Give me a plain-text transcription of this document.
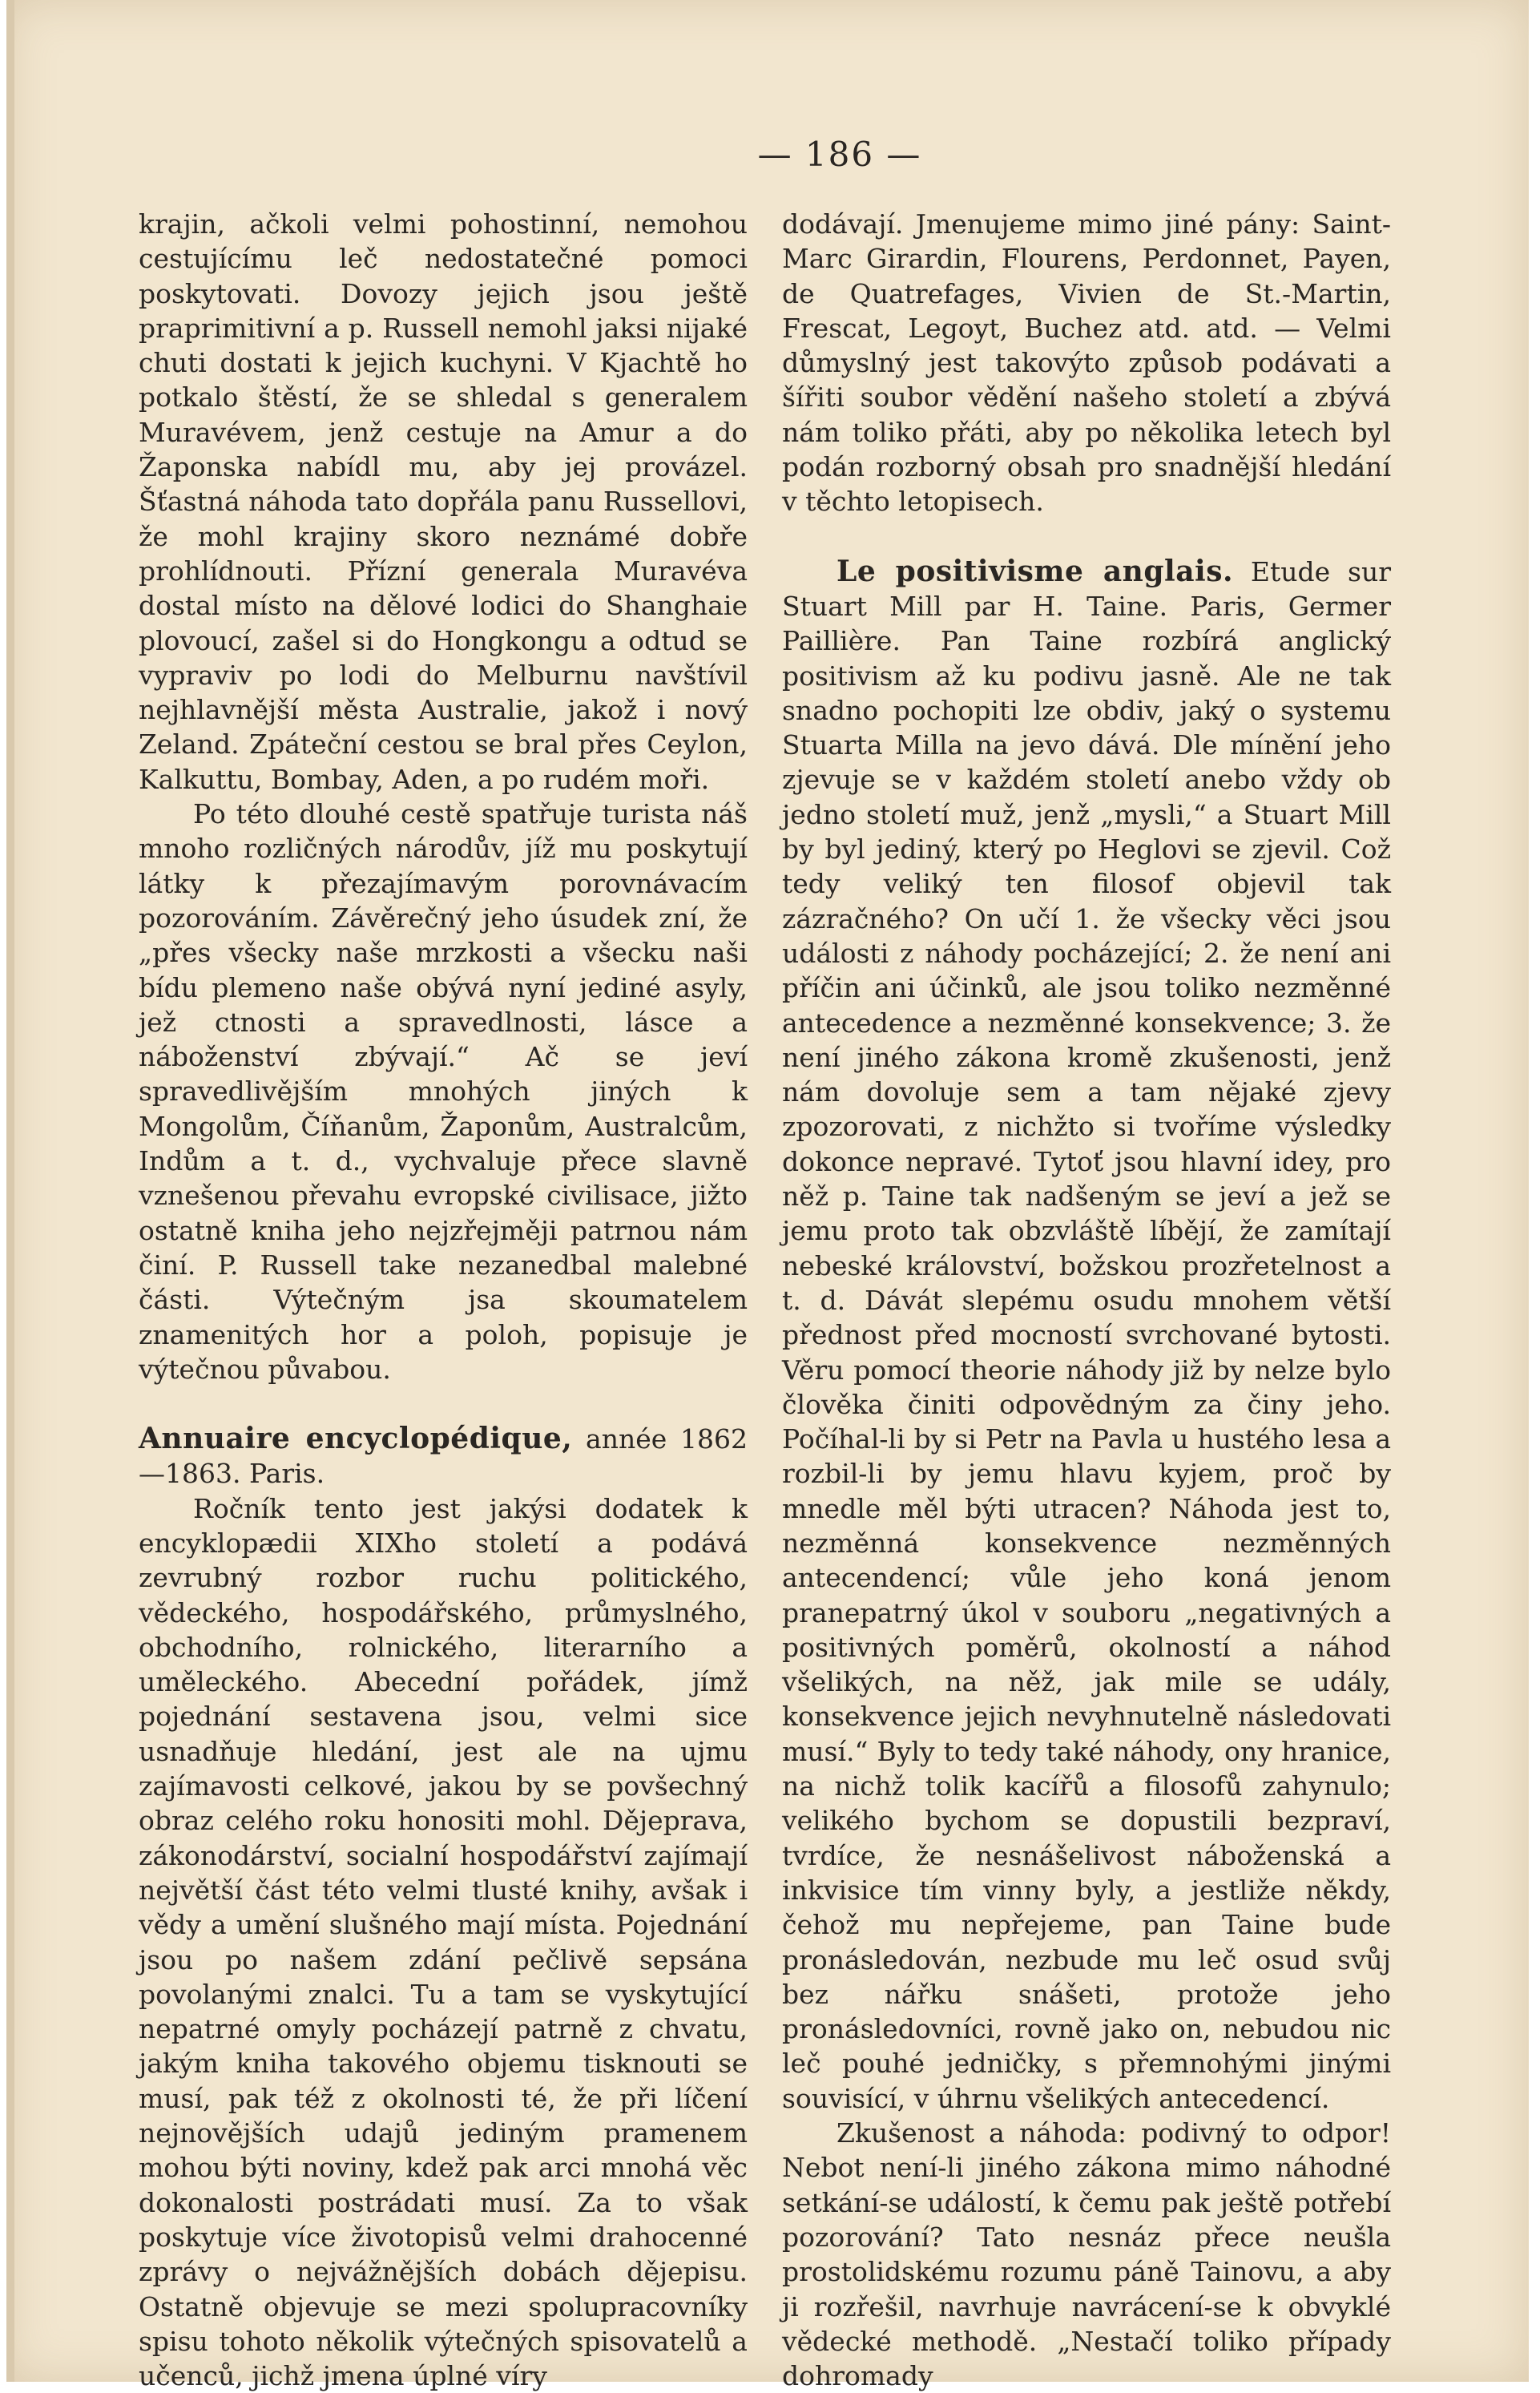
— 186 —

krajin, ačkoli velmi pohostinní, nemohou cestujícímu leč nedostatečné pomoci poskytovati. Dovozy jejich jsou ještě praprimitivní a p. Russell nemohl jaksi nijaké chuti dostati k jejich kuchyni. V Kjachtě ho potkalo štěstí, že se shledal s generalem Muravévem, jenž cestuje na Amur a do Žaponska nabídl mu, aby jej provázel. Šťastná náhoda tato dopřála panu Russellovi, že mohl krajiny skoro neznámé dobře prohlídnouti. Přízní generala Muravéva dostal místo na dělové lodici do Shanghaie plovoucí, zašel si do Hongkongu a odtud se vypraviv po lodi do Melburnu navštívil nejhlavnější města Australie, jakož i nový Zeland. Zpáteční cestou se bral přes Ceylon, Kalkuttu, Bombay, Aden, a po rudém moři.

Po této dlouhé cestě spatřuje turista náš mnoho rozličných národův, jíž mu poskytují látky k přezajímavým porovnávacím pozorováním. Závěrečný jeho úsudek zní, že „přes všecky naše mrzkosti a všecku naši bídu plemeno naše obývá nyní jediné asyly, jež ctnosti a spravedlnosti, lásce a náboženství zbývají.“ Ač se jeví spravedlivějším mnohých jiných k Mongolům, Číňanům, Žaponům, Australcům, Indům a t. d., vychvaluje přece slavně vznešenou převahu evropské civilisace, jižto ostatně kniha jeho nejzřejměji patrnou nám činí. P. Russell take nezanedbal malebné části. Výtečným jsa skoumatelem znamenitých hor a poloh, popisuje je výtečnou půvabou.

Annuaire encyclopédique, année 1862—1863. Paris.

Ročník tento jest jakýsi dodatek k encyklopædii XIXho století a podává zevrubný rozbor ruchu politického, vědeckého, hospodářského, průmyslného, obchodního, rolnického, literarního a uměleckého. Abecední pořádek, jímž pojednání sestavena jsou, velmi sice usnadňuje hledání, jest ale na ujmu zajímavosti celkové, jakou by se povšechný obraz celého roku honositi mohl. Dějeprava, zákonodárství, socialní hospodářství zajímají největší část této velmi tlusté knihy, avšak i vědy a umění slušného mají místa. Pojednání jsou po našem zdání pečlivě sepsána povolanými znalci. Tu a tam se vyskytující nepatrné omyly pocházejí patrně z chvatu, jakým kniha takového objemu tisknouti se musí, pak též z okolnosti té, že při líčení nejnovějších udajů jediným pramenem mohou býti noviny, kdež pak arci mnohá věc dokonalosti postrádati musí. Za to však poskytuje více životopisů velmi drahocenné zprávy o nejvážnějších dobách dějepisu. Ostatně objevuje se mezi spolupracovníky spisu tohoto několik výtečných spisovatelů a učenců, jichž jmena úplné víry

dodávají. Jmenujeme mimo jiné pány: Saint-Marc Girardin, Flourens, Perdonnet, Payen, de Quatrefages, Vivien de St.-Martin, Frescat, Legoyt, Buchez atd. atd. — Velmi důmyslný jest takovýto způsob podávati a šířiti soubor vědění našeho století a zbývá nám toliko přáti, aby po několika letech byl podán rozborný obsah pro snadnější hledání v těchto letopisech.

Le positivisme anglais. Etude sur Stuart Mill par H. Taine. Paris, Germer Paillière. Pan Taine rozbírá anglický positivism až ku podivu jasně. Ale ne tak snadno pochopiti lze obdiv, jaký o systemu Stuarta Milla na jevo dává. Dle mínění jeho zjevuje se v každém století anebo vždy ob jedno století muž, jenž „mysli,“ a Stuart Mill by byl jediný, který po Heglovi se zjevil. Což tedy veliký ten filosof objevil tak zázračného? On učí 1. že všecky věci jsou události z náhody pocházející; 2. že není ani příčin ani účinků, ale jsou toliko nezměnné antecedence a nezměnné konsekvence; 3. že není jiného zákona kromě zkušenosti, jenž nám dovoluje sem a tam nějaké zjevy zpozorovati, z nichžto si tvoříme výsledky dokonce nepravé. Tytoť jsou hlavní idey, pro něž p. Taine tak nadšeným se jeví a jež se jemu proto tak obzvláště líbějí, že zamítají nebeské království, božskou prozřetelnost a t. d. Dávát slepému osudu mnohem větší přednost před mocností svrchované bytosti. Věru pomocí theorie náhody již by nelze bylo člověka činiti odpovědným za činy jeho. Počíhal-li by si Petr na Pavla u hustého lesa a rozbil-li by jemu hlavu kyjem, proč by mnedle měl býti utracen? Náhoda jest to, nezměnná konsekvence nezměnných antecendencí; vůle jeho koná jenom pranepatrný úkol v souboru „negativných a positivných poměrů, okolností a náhod všelikých, na něž, jak mile se udály, konsekvence jejich nevyhnutelně následovati musí.“ Byly to tedy také náhody, ony hranice, na nichž tolik kacířů a filosofů zahynulo; velikého bychom se dopustili bezpraví, tvrdíce, že nesnášelivost náboženská a inkvisice tím vinny byly, a jestliže někdy, čehož mu nepřejeme, pan Taine bude pronásledován, nezbude mu leč osud svůj bez nářku snášeti, protože jeho pronásledovníci, rovně jako on, nebudou nic leč pouhé jedničky, s přemnohými jinými souvisící, v úhrnu všelikých antecedencí.

Zkušenost a náhoda: podivný to odpor! Nebot není-li jiného zákona mimo náhodné setkání-se událostí, k čemu pak ještě potřebí pozorování? Tato nesnáz přece neušla prostolidskému rozumu páně Tainovu, a aby ji rozřešil, navrhuje navrácení-se k obvyklé vědecké methodě. „Nestačí toliko případy dohromady
